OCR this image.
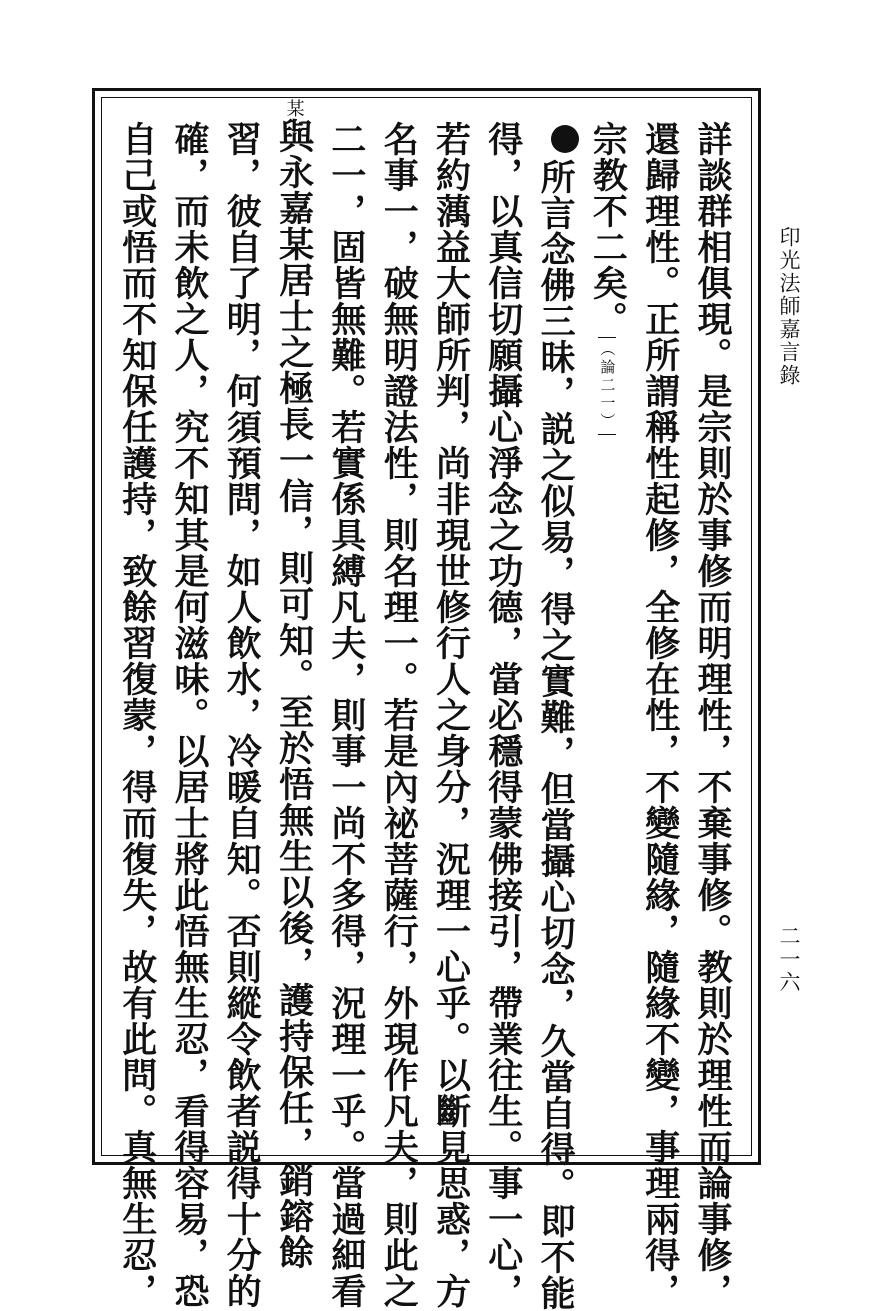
印光法師嘉言錄
二一六
詳談群相俱現。是宗則於事修而明理性，不棄事修。教則於理性而論事修，
還歸理性。正所謂稱性起修，全修在性，不變隨緣，隨緣不變，事理兩得，
宗教不二矣。（論二一）
所言念佛三昧，説之似易，得之實難，但當攝心切念，久當自得。即不能
得，以真信切願攝心淨念之功德，當必穩得蒙佛接引，帶業往生。事一心，
若約蕅益大師所判，尚非現世修行人之身分，況理一心乎。以斷見思惑，方
名事一，破無明證法性，則名理一。若是內祕菩薩行，外現作凡夫，則此之
二一，固皆無難。若實係具縛凡夫，則事一尚不多得，況理一乎。當過細看
某與永嘉某居士之極長一信，則可知。至於悟無生以後，護持保任，銷鎔餘
習，彼自了明，何須預問，如人飲水，冷暖自知。否則縱令飲者説得十分的
確，而未飲之人，究不知其是何滋味。以居士將此悟無生忍，看得容易，恐
自己或悟而不知保任護持，致餘習復蒙，得而復失，故有此問。真無生忍，
